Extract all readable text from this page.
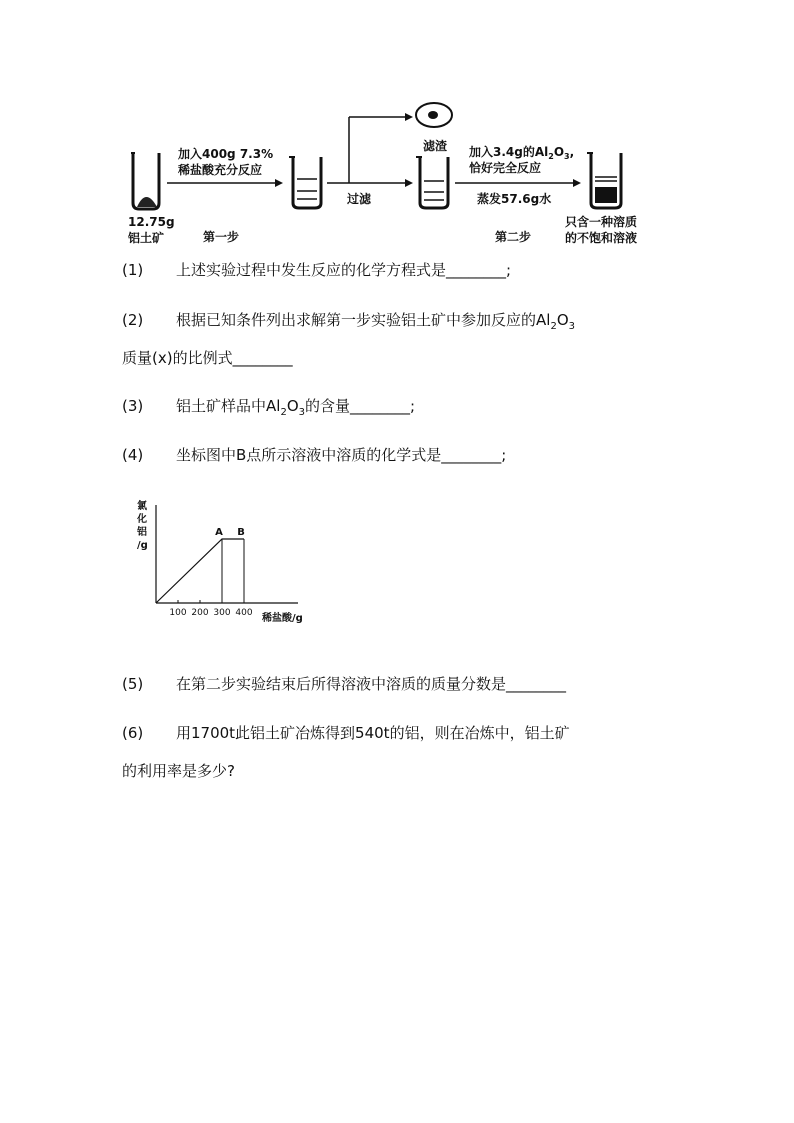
12.75g
铝土矿
加入400g 7.3%
稀盐酸充分反应
第一步
过滤
滤渣 加入3.4g的$Al_2O_3$,
恰好完全反应
蒸发57.6g水
第二步
只含一种溶质
的不饱和溶液
(1) 上述实验过程中发生反应的化学方程式是________;
(2) 根据已知条件列出求解第一步实验铝土矿中参加反应的$Al_2O_3$
质量(x)的比例式________
(3) 铝土矿样品中$Al_2O_3$的含量________;
(4) 坐标图中B点所示溶液中溶质的化学式是________;
氯
化
铝
/g
100 200 300 400
A B
稀盐酸/g
(5) 在第二步实验结束后所得溶液中溶质的质量分数是________
(6) 用1700t此铝土矿冶炼得到540t的铝，则在冶炼中，铝土矿
的利用率是多少?
